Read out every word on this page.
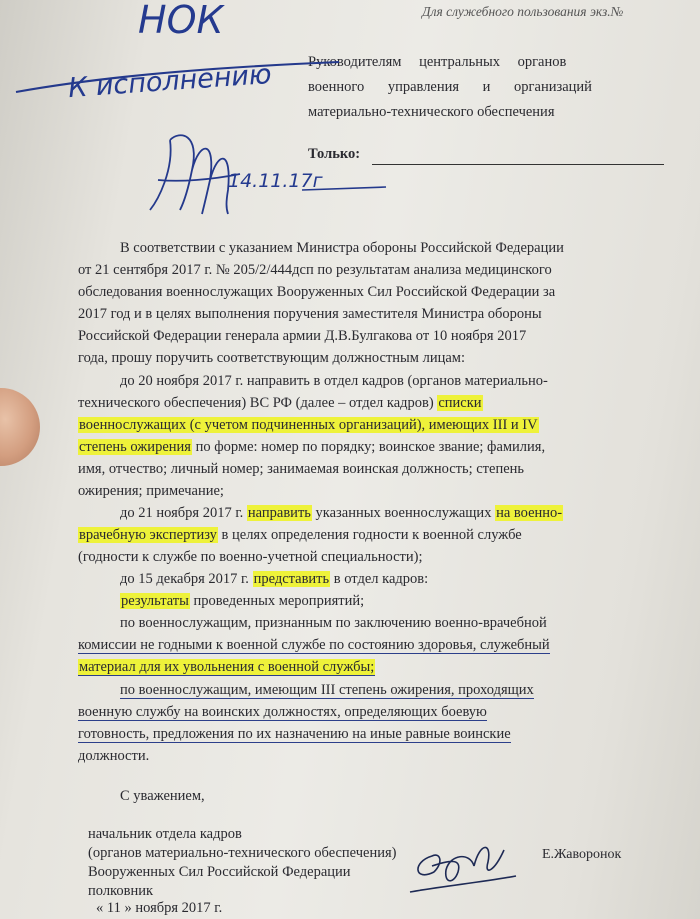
Для служебного пользования экз.№
Руководителям центральных органов
военного управления и организаций
материально-технического обеспечения
Только:
НОК
К исполнению
14.11.17г
В соответствии с указанием Министра обороны Российской Федерации
от 21 сентября 2017 г. № 205/2/444дсп по результатам анализа медицинского
обследования военнослужащих Вооруженных Сил Российской Федерации за
2017 год и в целях выполнения поручения заместителя Министра обороны
Российской Федерации генерала армии Д.В.Булгакова от 10 ноября 2017
года, прошу поручить соответствующим должностным лицам:
до 20 ноября 2017 г. направить в отдел кадров (органов материально-
технического обеспечения) ВС РФ (далее – отдел кадров) списки
военнослужащих (с учетом подчиненных организаций), имеющих III и IV
степень ожирения по форме: номер по порядку; воинское звание; фамилия,
имя, отчество; личный номер; занимаемая воинская должность; степень
ожирения; примечание;
до 21 ноября 2017 г. направить указанных военнослужащих на военно-
врачебную экспертизу в целях определения годности к военной службе
(годности к службе по военно-учетной специальности);
до 15 декабря 2017 г. представить в отдел кадров:
результаты проведенных мероприятий;
по военнослужащим, признанным по заключению военно-врачебной
комиссии не годными к военной службе по состоянию здоровья, служебный
материал для их увольнения с военной службы;
по военнослужащим, имеющим III степень ожирения, проходящих
военную службу на воинских должностях, определяющих боевую
готовность, предложения по их назначению на иные равные воинские
должности.
С уважением,
начальник отдела кадров
(органов материально-технического обеспечения)
Вооруженных Сил Российской Федерации
полковник
Е.Жаворонок
« 11 » ноября 2017 г.
